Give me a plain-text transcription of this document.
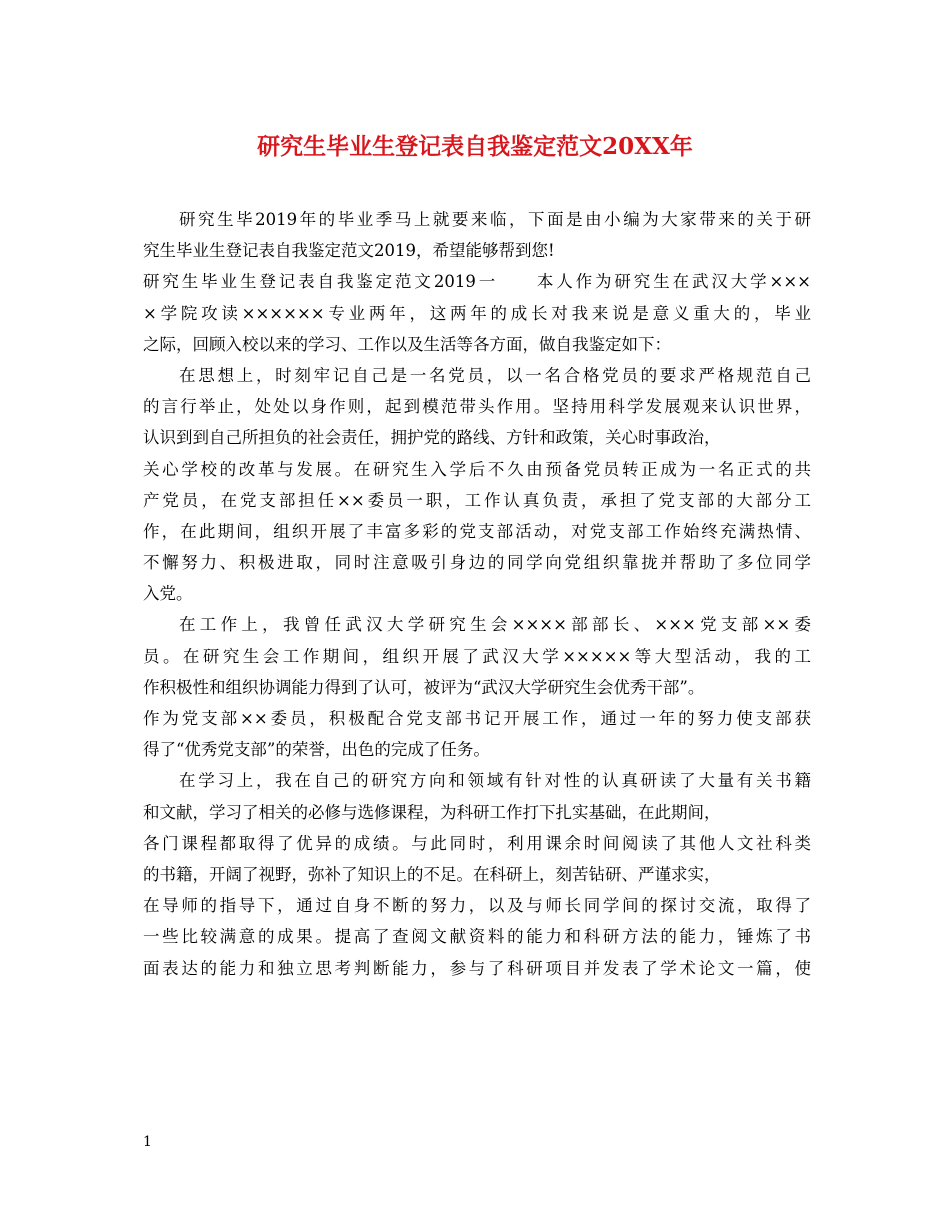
研究生毕业生登记表自我鉴定范文20XX年
研究生毕2019年的毕业季马上就要来临，下面是由小编为大家带来的关于研
究生毕业生登记表自我鉴定范文2019，希望能够帮到您!
研究生毕业生登记表自我鉴定范文2019一　　本人作为研究生在武汉大学×××
×学院攻读××××××专业两年，这两年的成长对我来说是意义重大的，毕业
之际，回顾入校以来的学习、工作以及生活等各方面，做自我鉴定如下：
在思想上，时刻牢记自己是一名党员，以一名合格党员的要求严格规范自己
的言行举止，处处以身作则，起到模范带头作用。坚持用科学发展观来认识世界，
认识到到自己所担负的社会责任，拥护党的路线、方针和政策，关心时事政治，
关心学校的改革与发展。在研究生入学后不久由预备党员转正成为一名正式的共
产党员，在党支部担任××委员一职，工作认真负责，承担了党支部的大部分工
作，在此期间，组织开展了丰富多彩的党支部活动，对党支部工作始终充满热情、
不懈努力、积极进取，同时注意吸引身边的同学向党组织靠拢并帮助了多位同学
入党。
在工作上，我曾任武汉大学研究生会××××部部长、×××党支部××委
员。在研究生会工作期间，组织开展了武汉大学×××××等大型活动，我的工
作积极性和组织协调能力得到了认可，被评为“武汉大学研究生会优秀干部”。
作为党支部××委员，积极配合党支部书记开展工作，通过一年的努力使支部获
得了“优秀党支部”的荣誉，出色的完成了任务。
在学习上，我在自己的研究方向和领域有针对性的认真研读了大量有关书籍
和文献，学习了相关的必修与选修课程，为科研工作打下扎实基础，在此期间，
各门课程都取得了优异的成绩。与此同时，利用课余时间阅读了其他人文社科类
的书籍，开阔了视野，弥补了知识上的不足。在科研上，刻苦钻研、严谨求实，
在导师的指导下，通过自身不断的努力，以及与师长同学间的探讨交流，取得了
一些比较满意的成果。提高了查阅文献资料的能力和科研方法的能力，锤炼了书
面表达的能力和独立思考判断能力，参与了科研项目并发表了学术论文一篇，使
1
